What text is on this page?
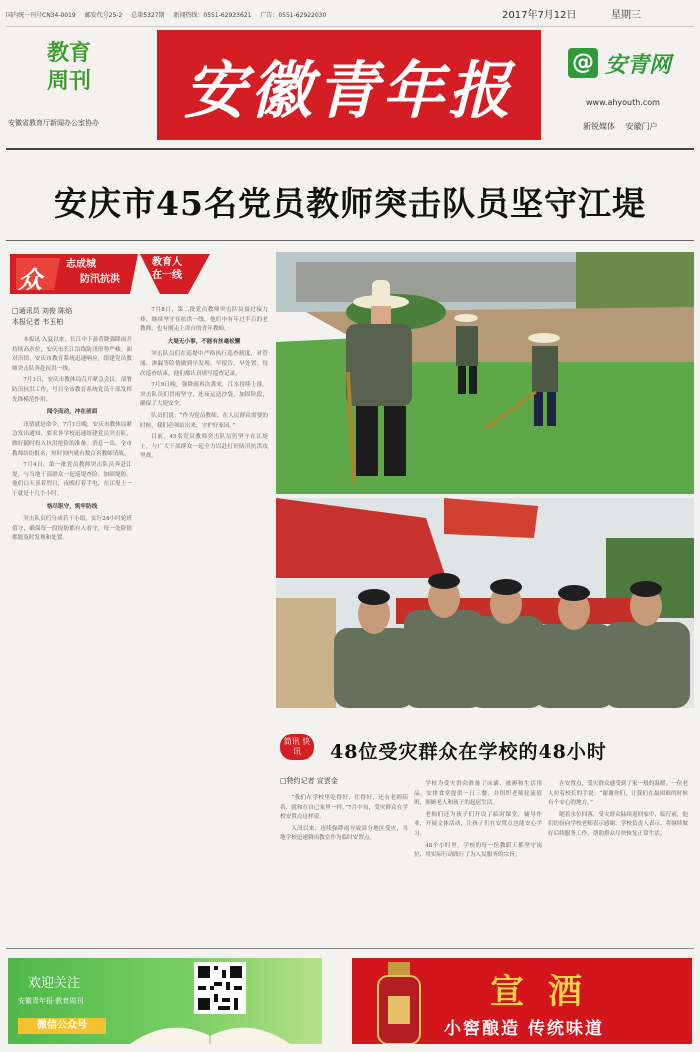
国内统一刊号CN34-0019 邮发代号25-2 总第5327期 新闻热线：0551-62923621 广告：0551-62922030	2017年7月12日	星期三
教育
周刊
安徽省教育厅新闻办公室协办	安徽青年报	@ 安青网
www.ahyouth.com
新锐媒体 安徽门户
安庆市45名党员教师突击队员坚守江堤
众
志成城
防汛抗洪
教育人
在一线
□通讯员 刘俊 陈焰
本报记者 韦玉柏

本报讯 入夏以来，长江中下游普降强降雨并持续高水位，安庆市长江沿线防汛形势严峻。面对汛情，安庆市教育系统迅速响应，组建党员教师突击队奔赴抗洪一线。

7月1日，安庆市教体局召开紧急会议，部署防汛抗洪工作，号召全市教育系统党员干部发挥先锋模范作用。

闻令而动，冲在前面

汛情就是命令。7月1日晚，安庆市教体局紧急发出通知，要求各学校迅速组建党员突击队，做好随时投入抗洪抢险的准备。消息一出，全市教师纷纷报名，短时间内就有数百名教师请战。

7月4日，第一批党员教师突击队员奔赴江堤，与当地干部群众一起巡堤查险、加固堤防。他们白天顶着烈日，夜晚打着手电，在江堤上一干就是十几个小时。

恪尽职守，筑牢防线

突击队员们分成若干小组，实行24小时轮班值守，确保每一段堤防都有人看守，每一处险情都能及时发现和处置。

7月8日，第二批党员教师突击队员接过接力棒，继续坚守在抗洪一线。他们中有年过半百的老教师，也有刚走上讲台的青年教师。

大堤无小事，不能有丝毫松懈

突击队员们在巡堤中严格执行巡查制度，对管涌、渗漏等险情做到早发现、早报告、早处置。每次巡查结束，他们都认真填写巡查记录。

7月9日晚，强降雨再次袭来，江水持续上涨。突击队员们冒雨坚守，连夜运送沙袋，加固险段，确保了大堤安全。

队员们说：“作为党员教师，在人民群众需要的时候，我们必须站出来，守护好家园。”

目前，45名党员教师突击队员仍坚守在江堤上，与广大干部群众一起全力以赴打好防汛抗洪攻坚战。

简讯 快讯	48位受灾群众在学校的48小时
□特约记者 宣雲金

“我们在学校里吃得好、住得好，还有老师陪着，就和在自己家里一样。”7月中旬，受灾群众在学校安置点这样说。

入汛以来，连续强降雨导致部分地区受灾，当地学校迅速腾出教室作为临时安置点。

学校为受灾群众准备了床铺、被褥和生活用品，安排食堂提供一日三餐，并组织老师轮流值班，照顾老人和孩子的起居生活。

老师们还为孩子们开设了临时课堂，辅导作业，开展文体活动，让孩子们在安置点也能安心学习。

48个小时里，学校的每一位教职工都坚守岗位，用实际行动践行了为人民服务的宗旨。

在安置点，受灾群众感受到了家一般的温暖。一位老人拉着校长的手说：“谢谢你们，让我们在最困难的时候有个安心的地方。”

随着水位回落，受灾群众陆续返回家中，临行前，他们纷纷向学校老师表示感谢。学校负责人表示，将继续做好后续服务工作，帮助群众尽快恢复正常生活。

欢迎关注
安徽青年报·教育周刊
微信公众号
宣酒
小窖酿造 传统味道
